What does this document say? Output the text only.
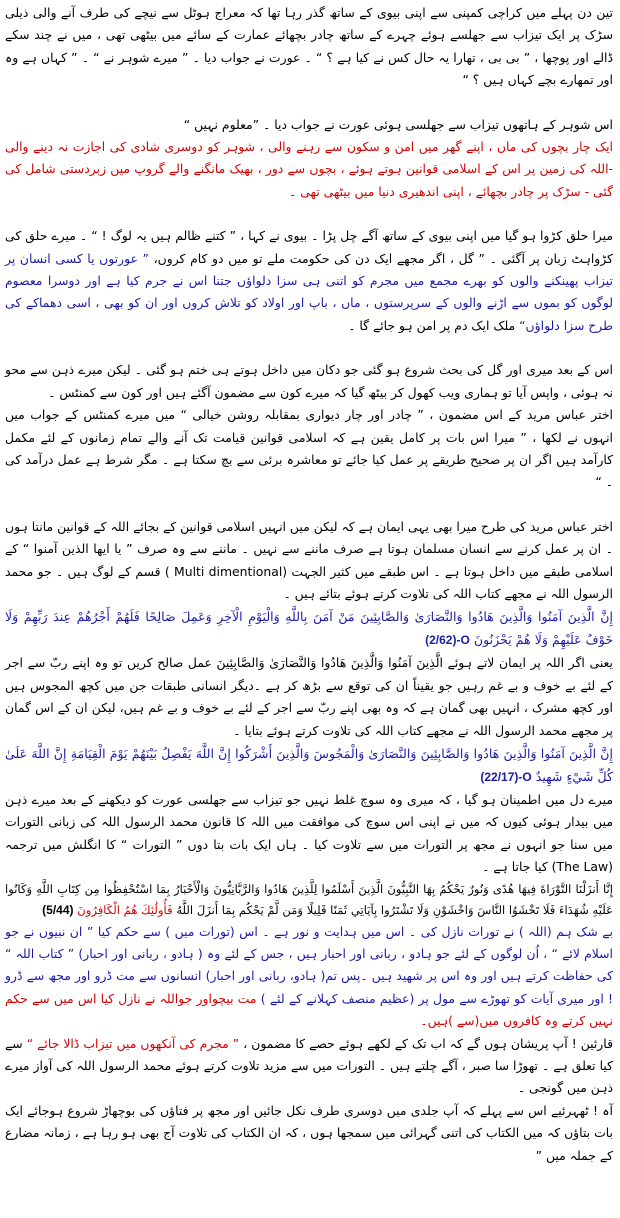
تین دن پہلے میں کراچی کمپنی سے اپنی بیوی کے ساتھ گذر رہا تھا کہ معراج ہوٹل سے نیچے کی طرف آنے والی ذیلی سڑک پر ایک تیزاب سے جھلسے ہوئے چہرے کے ساتھ چادر بچھائے عمارت کے سائے میں بیٹھی تھی ، میں نے چند سکے ڈالے اور پوچھا ، ” بی بی ، تھارا یہ حال کس نے کیا ہے ؟ “ ۔ عورت نے جواب دیا ۔ ” میرے شوہر نے “ ۔ ” کہاں ہے وہ اور تمھارے بچے کہاں ہیں ؟ “

اس شوہر کے ہاتھوں تیزاب سے جھلسی ہوئی عورت نے جواب دیا ۔ ”معلوم نہیں “

ایک چار بچوں کی ماں ، اپنے گھر میں امن و سکون سے رہنے والی ، شوہر کو دوسری شادی کی اجازت نہ دینے والی -اللہ کی زمین پر اس کے اسلامی قوانین ہوتے ہوئے ، بچوں سے دور ، بھیک مانگنے والے گروپ میں زبردستی شامل کی گئی - سڑک پر چادر بچھائے ، اپنی اندھیری دنیا میں بیٹھی تھی ۔

میرا حلق کڑوا ہو گیا میں اپنی بیوی کے ساتھ آگے چل پڑا ۔ بیوی نے کہا ، ” کتنے ظالم ہیں یہ لوگ ! “ ۔ میرے حلق کی کڑواہٹ زبان پر آگئی ۔ ” گل ، اگر مجھے ایک دن کی حکومت ملے تو میں دو کام کروں، ” عورتوں یا کسی انسان پر تیزاب پھینکنے والوں کو بھرے مجمع میں مجرم کو اتنی ہی سزا دلواؤں جتنا اس نے جرم کیا ہے اور دوسرا معصوم لوگوں کو بموں سے اڑنے والوں کے سرپرستوں ، ماں ، باپ اور اولاد کو تلاش کروں اور ان کو بھی ، اسی دھماکے کی طرح سزا دلواؤں“ ملک ایک دم پر امن ہو جائے گا ۔

اس کے بعد میری اور گل کی بحث شروع ہو گئی جو دکان میں داخل ہوتے ہی ختم ہو گئی ۔ لیکن میرے ذہن سے محو نہ ہوئی ، واپس آیا تو ہماری ویب کھول کر بیٹھ گیا کہ میرے کون سے مضمون آگئے ہیں اور کون سے کمنٹس ۔

اختر عباس مرید کے اس مضمون ، ” چادر اور چار دیواری بمقابلہ روشن خیالی “ میں میرے کمنٹس کے جواب میں انہوں نے لکھا ، ” میرا اس بات پر کامل یقین ہے کہ اسلامی قوانین قیامت تک آنے والے تمام زمانوں کے لئے مکمل کارآمد ہیں اگر ان پر صحیح طریقے پر عمل کیا جائے تو معاشرہ برئی سے بچ سکتا ہے ۔ مگر شرط ہے عمل درآمد کی ۔ “

اختر عباس مرید کی طرح میرا بھی یہی ایمان ہے کہ لیکن میں انہیں اسلامی قوانین کے بجائے اللہ کے قوانین مانتا ہوں ۔ ان پر عمل کرنے سے انسان مسلمان ہوتا ہے صرف ماننے سے نہیں ۔ ماننے سے وہ صرف ” یا ایھا الذین آمنوا “ کے اسلامی طبقے میں داخل ہوتا ہے ۔ اس طبقے میں کثیر الجہت (Multi dimentional ) قسم کے لوگ ہیں ۔ جو محمد الرسول اللہ نے مجھے کتاب اللہ کی تلاوت کرتے ہوئے بتائے ہیں ۔

إِنَّ الَّذِينَ آمَنُوا وَالَّذِينَ هَادُوا وَالنَّصَارَىٰ وَالصَّابِئِينَ مَنْ آمَنَ بِاللَّهِ وَالْيَوْمِ الْآخِرِ وَعَمِلَ صَالِحًا فَلَهُمْ أَجْرُهُمْ عِندَ رَبِّهِمْ وَلَا خَوْفٌ عَلَيْهِمْ وَلَا هُمْ يَحْزَنُونَ (2/62)-O

یعنی اگر اللہ پر ایمان لاتے ہوئے الَّذِينَ آمَنُوا وَالَّذِينَ هَادُوا وَالنَّصَارَىٰ وَالصَّابِئِينَ عمل صالح کریں تو وہ اپنے ربّ سے اجر کے لئے بے خوف و بے غم رہیں جو یقیناً ان کی توقع سے بڑھ کر ہے ۔دیگر انسانی طبقات جن میں کچھ المجوس ہیں اور کچھ مشرک ، انہیں بھی گمان ہے کہ وہ بھی اپنے ربّ سے اجر کے لئے بے خوف و بے غم ہیں، لیکن ان کے اس گمان پر مجھے محمد الرسول اللہ نے مجھے کتاب اللہ کی تلاوت کرتے ہوئے بتایا ۔

إِنَّ الَّذِينَ آمَنُوا وَالَّذِينَ هَادُوا وَالصَّابِئِينَ وَالنَّصَارَىٰ وَالْمَجُوسَ وَالَّذِينَ أَشْرَكُوا إِنَّ اللَّهَ يَفْصِلُ بَيْنَهُمْ يَوْمَ الْقِيَامَةِ إِنَّ اللَّهَ عَلَىٰ كُلِّ شَيْءٍ شَهِيدٌ (22/17)-O

میرے دل میں اطمینان ہو گیا ، کہ میری وہ سوچ غلط نہیں جو تیزاب سے جھلسی عورت کو دیکھنے کے بعد میرے ذہن میں بیدار ہوئی کیوں کہ میں نے اپنی اس سوچ کی موافقت میں اللہ کا قانون محمد الرسول اللہ کی زبانی التورات میں سنا جو انہوں نے مجھ پر التورات میں سے تلاوت کیا ۔ ہاں ایک بات بتا دوں ” التورات “ کا انگلش میں ترجمہ (The Law) کیا جاتا ہے ۔

إِنَّا أَنزَلْنَا التَّوْرَاةَ فِيهَا هُدًى وَنُورٌ يَحْكُمُ بِهَا النَّبِيُّونَ الَّذِينَ أَسْلَمُوا لِلَّذِينَ هَادُوا وَالرَّبَّانِيُّونَ وَالْأَحْبَارُ بِمَا اسْتُحْفِظُوا مِن كِتَابِ اللَّهِ وَكَانُوا عَلَيْهِ شُهَدَاءَ فَلَا تَخْشَوُا النَّاسَ وَاخْشَوْنِ وَلَا تَشْتَرُوا بِآيَاتِي ثَمَنًا قَلِيلًا وَمَن لَّمْ يَحْكُم بِمَا أَنزَلَ اللَّهُ فَأُولَٰئِكَ هُمُ الْكَافِرُونَ (5/44)

بے شک ہم (اللہ ) نے تورات نازل کی ۔ اس میں ہدایت و نور ہے ۔ اس (تورات میں ) سے حکم کیا ” ان نبیوں نے جو اسلام لائے “ ، اُن لوگوں کے لئے جو ہادو ، ربانی اور احبار ہیں ، جس کے لئے وہ ( ہادو ، ربانی اور احبار) ” کتاب اللہ “ کی حفاظت کرتے ہیں اور وہ اس پر شھید ہیں ۔پس تم( ہادو، ربانی اور احبار) انسانوں سے مت ڈرو اور مجھ سے ڈرو ! اور میری آیات کو تھوڑے سے مول پر (عظیم منصف کہلانے کے لئے ) مت بیچواور جواللہ نے نازل کیا اس میں سے حکم نہیں کرتے وہ کافروں میں(سے )ہیں۔

قارئین ! آپ پریشان ہوں گے کہ اب تک کے لکھے ہوئے حصے کا مضمون ، ” مجرم کی آنکھوں میں تیزاب ڈالا جائے “ سے کیا تعلق ہے ۔ تھوڑا سا صبر ، آگے چلتے ہیں ۔ التورات میں سے مزید تلاوت کرتے ہوئے محمد الرسول اللہ کی آواز میرے ذہن میں گونجی ۔

آہ ! ٹھہرئیے اس سے پہلے کہ آپ جلدی میں دوسری طرف نکل جائیں اور مجھ پر فتاؤں کی بوچھاڑ شروع ہوجائے ایک بات بتاؤں کہ میں الکتاب کی اتنی گہرائی میں سمجھا ہوں ، کہ ان الکتاب کی تلاوت آج بھی ہو رہا ہے ، زمانہ مضارع کے جملہ میں ”
